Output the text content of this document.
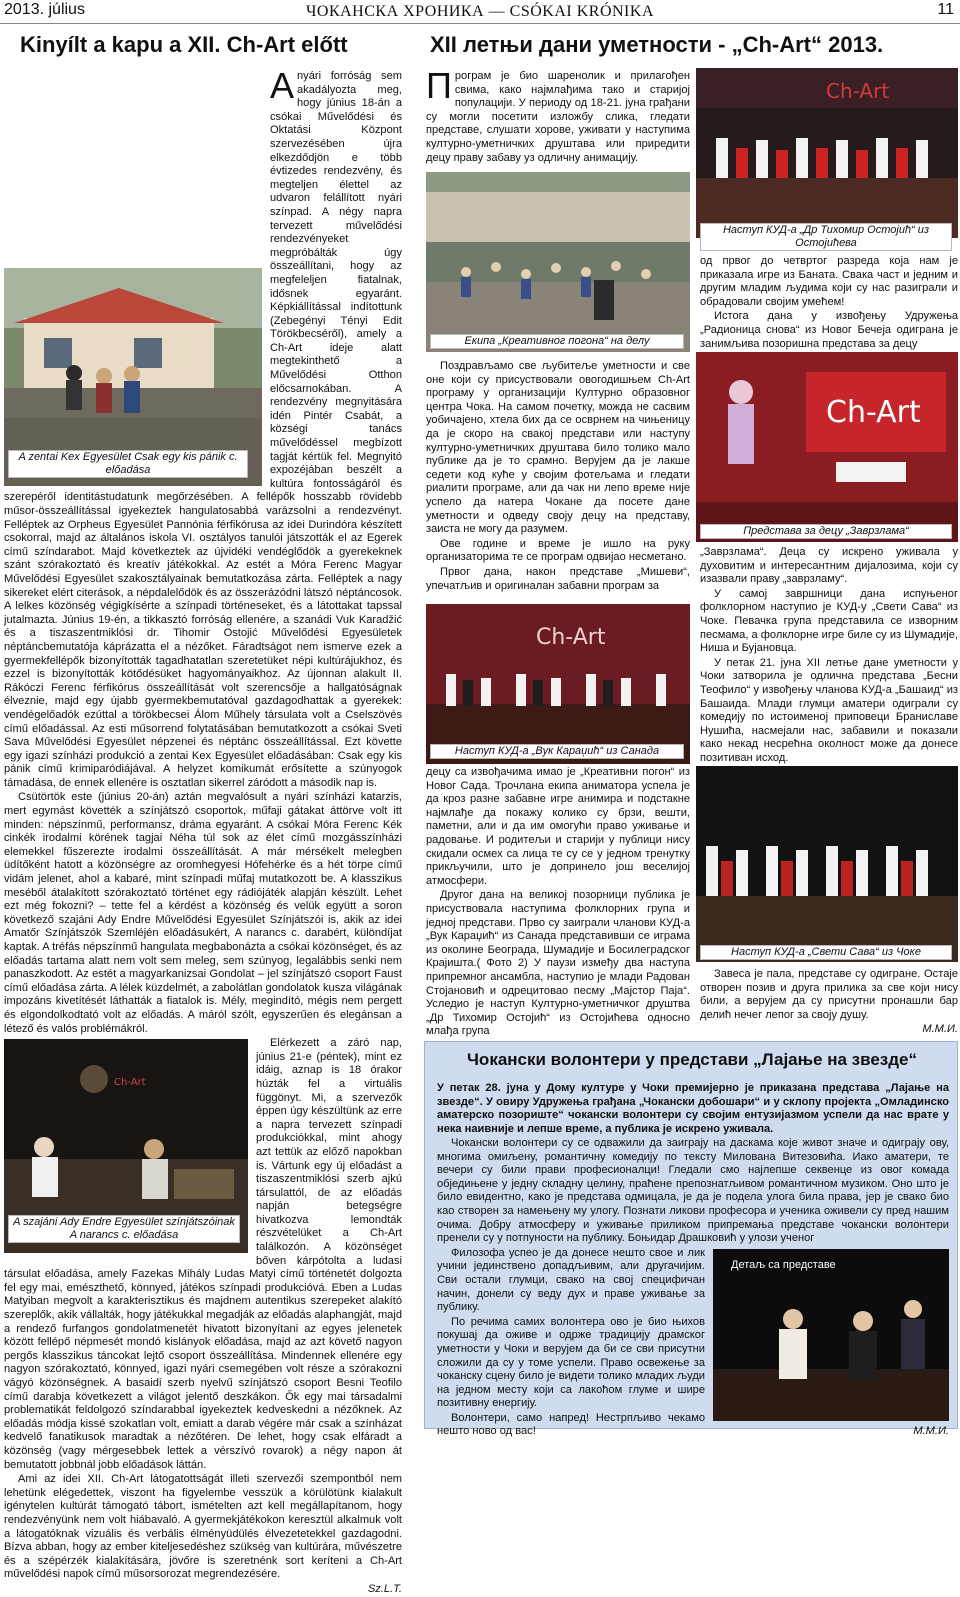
2013. július	ЧОКАНСКА ХРОНИКА — CSÓKAI KRÓNIKA	11
Kinyílt a kapu a XII. Ch-Art előtt	XII летњи дани уметности - „Ch-Art“ 2013.
A zentai Kex Egyesület Csak egy kis pánik c. előadása

Anyári forróság sem akadályozta meg, hogy június 18-án a csókai Művelődési és Oktatási Központ szervezésében újra elkezdődjön e több évtizedes rendezvény, és megteljen élettel az udvaron felállított nyári színpad. A négy napra tervezett művelődési rendezvényeket megpróbálták úgy összeállítani, hogy az megfeleljen fiatalnak, idősnek egyaránt. Képkiállítással indítottunk (Zebegényi Tényi Edit Törökbecséről), amely a Ch-Art ideje alatt megtekinthető a Művelődési Otthon előcsarnokában. A rendezvény megnyitására idén Pintér Csabát, a községi tanács művelődéssel megbízott tagját kértük fel. Megnyitó expozéjában beszélt a kultúra fontosságáról és szerepéről identitástudatunk megőrzésében. A fellépők hosszabb rövidebb műsor-összeállítással igyekeztek hangulatosabbá varázsolni a rendezvényt. Felléptek az Orpheus Egyesület Pannónia férfikórusa az idei Durindóra készített csokorral, majd az általános iskola VI. osztályos tanulói játszották el az Egerek című színdarabot. Majd következtek az újvidéki vendéglődök a gyerekeknek szánt szórakoztató és kreatív játékokkal. Az estét a Móra Ferenc Magyar Művelődési Egyesület szakosztályainak bemutatkozása zárta. Felléptek a nagy sikereket elért citerások, a népdalelődök és az összerázódni látszó néptáncosok. A lelkes közönség végigkísérte a színpadi történeseket, és a látottakat tapssal jutalmazta. Június 19-én, a tikkasztó forróság ellenére, a szanádi Vuk Karadžić és a tiszaszentmiklósi dr. Tihomir Ostojić Művelődési Egyesületek néptáncbemutatója káprázatta el a nézőket. Fáradtságot nem ismerve ezek a gyermekfellépők bizonyították tagadhatatlan szeretetüket népi kultúrájukhoz, és ezzel is bizonyították kötődésüket hagyományaikhoz. Az újonnan alakult II. Rákóczi Ferenc férfikórus összeállítását volt szerencsője a hallgatóságnak élveznie, majd egy újabb gyermekbemutatóval gazdagodhattak a gyerekek: vendégelőadók ezúttal a törökbecsei Álom Műhely társulata volt a Cselszövés című előadással. Az esti műsorrend folytatásában bemutatkozott a csókai Sveti Sava Művelődési Egyesület népzenei és néptánc összeállítással. Ezt követte egy igazi színházi produkció a zentai Kex Egyesület előadásában: Csak egy kis pánik című krimiparódiájával. A helyzet komikumát erősítette a szúnyogok támadása, de ennek ellenére is osztatlan sikerrel záródott a második nap is.

Csütörtök este (június 20-án) aztán megvalósult a nyári színházi katarzis, mert egymást követték a színjátszó csoportok, műfaji gátakat áttörve volt itt minden: népszínmű, performansz, dráma egyaránt. A csókai Móra Ferenc Kék cinkék irodalmi körének tagjai Néha túl sok az élet című mozgásszínházi elemekkel fűszerezte irodalmi összeállítását. A már mérsékelt melegben üdítőként hatott a közönségre az oromhegyesi Hófehérke és a hét törpe című vidám jelenet, ahol a kabaré, mint színpadi műfaj mutatkozott be. A klasszikus meséből átalakított szórakoztató történet egy rádiójáték alapján készült. Lehet ezt még fokozni? – tette fel a kérdést a közönség és velük együtt a soron következő szajáni Ady Endre Művelődési Egyesület Színjátszói is, akik az idei Amatőr Színjátszók Szemléjén előadásukért, A narancs c. darabért, különdíjat kaptak. A tréfás népszínmű hangulata megbabonázta a csókai közönséget, és az előadás tartama alatt nem volt sem meleg, sem szúnyog, legalábbis senki nem panaszkodott. Az estét a magyarkanizsai Gondolat – jel színjátszó csoport Faust című előadása zárta. A lélek küzdelmét, a zabolátlan gondolatok kusza világának impozáns kivetítését láthatták a fiatalok is. Mély, megindító, mégis nem pergett és elgondolkodtató volt az előadás. A máról szólt, egyszerűen és elegánsan a létező és valós problémákról.

Ch-Art
A szajáni Ady Endre Egyesület színjátszóinak A narancs c. előadása

Elérkezett a záró nap, június 21-e (péntek), mint ez idáig, aznap is 18 órakor húzták fel a virtuális függönyt. Mi, a szervezők éppen úgy készültünk az erre a napra tervezett színpadi produkciókkal, mint ahogy azt tettük az előző napokban is. Vártunk egy új előadást a tiszaszentmiklósi szerb ajkú társulattól, de az előadás napján betegségre hivatkozva lemondták részvételüket a Ch-Art találkozón. A közönséget bőven kárpótolta a ludasi társulat előadása, amely Fazekas Mihály Ludas Matyi című történetét dolgozta fel egy mai, emészthető, könnyed, játékos színpadi produkcióvá. Eben a Ludas Matyiban megvolt a karakterisztikus és majdnem autentikus szerepeket alakító szereplők, akik vállalták, hogy játékukkal megadják az előadás alaphangját, majd a rendező furfangos gondolatmenetét hivatott bizonyítani az egyes jelenetek között fellépő népmesét mondó kislányok előadása, majd az azt követő nagyon pergős klasszikus táncokat lejtő csoport összeállítása. Mindennek ellenére egy nagyon szórakoztató, könnyed, igazi nyári csemegében volt része a szórakozni vágyó közönségnek. A basaidi szerb nyelvű színjátszó csoport Besni Teofilo című darabja következett a világot jelentő deszkákon. Ők egy mai társadalmi problematikát feldolgozó színdarabbal igyekeztek kedveskedni a nézőknek. Az előadás módja kissé szokatlan volt, emiatt a darab végére már csak a színházat kedvelő fanatikusok maradtak a nézőtéren. De lehet, hogy csak elfáradt a közönség (vagy mérgesebbek lettek a vérszívó rovarok) a négy napon át bemutatott jobbnál jobb előadások láttán.

Ami az idei XII. Ch-Art látogatottságát illeti szervezői szempontból nem lehetünk elégedettek, viszont ha figyelembe vesszük a körülötünk kialakult igénytelen kultúrát támogató tábort, ismételten azt kell megállapítanom, hogy rendezvényünk nem volt hiábavaló. A gyermekjátékokon keresztül alkalmuk volt a látogatóknak vizuális és verbális élményüdülés élvezetetekkel gazdagodni. Bízva abban, hogy az ember kiteljesedéshez szükség van kultúrára, művészetre és a szépérzék kialakítására, jövőre is szeretnénk sort keríteni a Ch-Art művelődési napok című műsorsorozat megrendezésére.

Sz.L.T.

Програм је био шаренолик и прилагођен свима, како најмлађима тако и старијој популацији. У периоду од 18-21. јуна грађани су могли посетити изложбу слика, гледати представе, слушати хорове, уживати у наступима културно-уметничких друштава или приредити децу праву забаву уз одличну анимацију.

Ch-Art
Наступ КУД-а „Др Тихомир Остојић“ из Остојићева

од првог до четвртог разреда која нам је приказала игре из Баната. Свака част и једним и другим младим људима који су нас разиграли и обрадовали својим умећем!

Истога дана у извођењу Удружења „Радионица снова“ из Новог Бечеја одиграна је занимљива позоришна представа за децу

Екипа „Креативног погона“ на делу

Поздрављамо све љубитеље уметности и све оне који су присуствовали овогодишњем Ch-Art програму у организацији Културно образовног центра Чока. На самом почетку, можда не сасвим уобичајено, хтела бих да се осврнем на чињеницу да је скоро на свакој представи или наступу културно-уметничких друштава било толико мало публике да је то срамно. Верујем да је лакше седети код куће у својим фотељама и гледати риалити програме, али да чак ни лепо време није успело да натера Чокане да посете дане уметности и одведу своју децу на представу, заиста не могу да разумем.

Ове године и време је ишло на руку организаторима те се програм одвијао несметано.

Првог дана, након представе „Мишеви“, упечатљив и оригиналан забавни програм за

Ch-Art
Представа за децу „Заврзлама“

„Заврзлама“. Деца су искрено уживала у духовитим и интересантним дијалозима, који су изазвали праву „заврзламу“.

У самој завршници дана испуњеног фолклорном наступио је КУД-у „Свети Сава“ из Чоке. Певачка група представила се изворним песмама, а фолклорне игре биле су из Шумадије, Ниша и Бујановца.

У петак 21. јуна XII летње дане уметности у Чоки затворила је одлична представа „Бесни Теофило“ у извођењу чланова КУД-а „Башаид“ из Башаида. Млади глумци аматери одиграли су комедију по истоименој приповеци Браниславе Нушића, насмејали нас, забавили и показали како некад несрећна околност може да донесе позитиван исход.

Ch-Art
Наступ КУД-а „Вук Караџић“ из Санада

децу са извођачима имао је „Креативни погон“ из Новог Сада. Трочлана екипа аниматора успела је да кроз разне забавне игре анимира и подстакне најмлађе да покажу колико су брзи, вешти, паметни, али и да им омогући право уживање и радовање. И родитељи и старији у публици нису скидали осмех са лица те су се у једном тренутку прикључили, што је допринело још веселијој атмосфери.

Другог дана на великој позорници публика је присуствовала наступима фолклорних група и једној представи. Прво су заиграли чланови КУД-а „Вук Караџић“ из Санада представивши се играма из околине Београда, Шумадије и Босилеградског Крајишта.( Фото 2) У паузи између два наступа припремног ансамбла, наступио је млади Радован Стојановић и одрецитовао песму „Мајстор Паја“. Уследио је наступ Културно-уметничког друштва „Др Тихомир Остојић“ из Остојићева односно млађа група

Наступ КУД-а „Свети Сава“ из Чоке

Завеса је пала, представе су одигране. Остаје отворен позив и друга прилика за све који нису били, а верујем да су присутни пронашли бар делић нечег лепог за своју душу.

М.М.И.
Чокански волонтери у представи „Лајање на звезде“
У петак 28. јуна у Дому културе у Чоки премијерно је приказана представа „Лајање на звезде“. У овиру Удружења грађана „Чокански добошари“ и у склопу пројекта „Омладинско аматерско позориште“ чокански волонтери су својим ентузијазмом успели да нас врате у нека наивније и лепше време, а публика је искрено уживала.

Чокански волонтери су се одважили да заиграју на даскама које живот значе и одиграју ову, многима омиљену, романтичну комедију по тексту Милована Витезовића. Иако аматери, те вечери су били прави професионалци! Гледали смо најлепше секвенце из овог комада обједињене у једну складну целину, праћене препознатљивом романтичном музиком. Оно што је било евидентно, како је представа одмицала, је да је подела улога била права, јер је свако био као створен за намењену му улогу. Познати ликови професора и ученика оживели су пред нашим очима. Добру атмосферу и уживање приликом припремања представе чокански волонтери пренели су у потпуности на публику. Боњидар Драшковић у улози ученог

Детаљ са представе

Филозофа успео је да донесе нешто свое и лик учини јединствено допадљивим, али другачијим. Сви остали глумци, свако на свој специфичан начин, донели су веду дух и праве уживање за публику.

По речима самих волонтера ово је био њихов покушај да оживе и одрже традицију драмског уметности у Чоки и верујем да би се сви присутни сложили да су у томе успели. Право освежење за чоканску сцену било је видети толико младих људи на једном месту који са лакоћом глуме и шире позитивну енергију.

Волонтери, само напред! Нестрпљиво чекамо нешто ново од вас!	М.М.И.
